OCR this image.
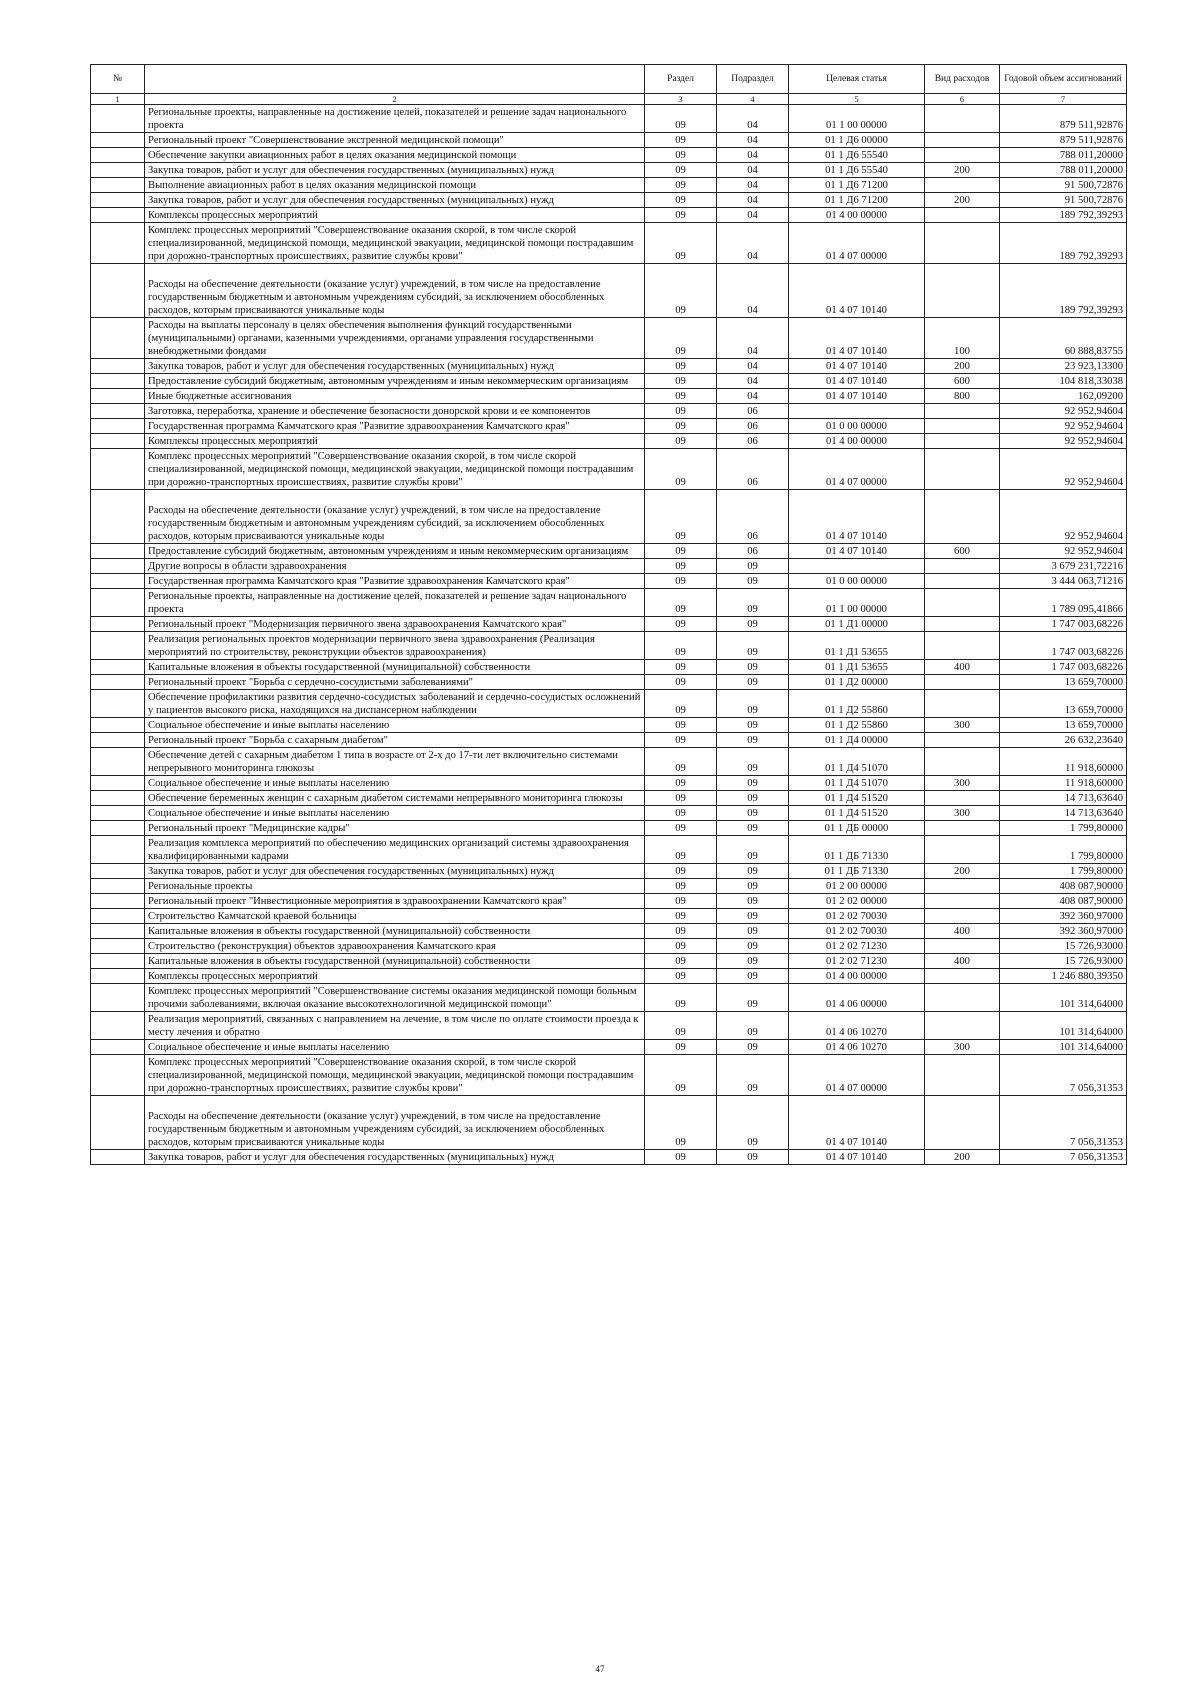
№		Раздел	Подраздел	Целевая статья	Вид расходов	Годовой объем ассигнований
1	2	3	4	5	6	7
	Региональные проекты, направленные на достижение целей, показателей и решение задач национального проекта	09	04	01 1 00 00000		879 511,92876
	Региональный проект "Совершенствование экстренной медицинской помощи"	09	04	01 1 Д6 00000		879 511,92876
	Обеспечение закупки авиационных работ в целях оказания медицинской помощи	09	04	01 1 Д6 55540		788 011,20000
	Закупка товаров, работ и услуг для обеспечения государственных (муниципальных) нужд	09	04	01 1 Д6 55540	200	788 011,20000
	Выполнение авиационных работ в целях оказания медицинской помощи	09	04	01 1 Д6 71200		91 500,72876
	Закупка товаров, работ и услуг для обеспечения государственных (муниципальных) нужд	09	04	01 1 Д6 71200	200	91 500,72876
	Комплексы процессных мероприятий	09	04	01 4 00 00000		189 792,39293
	Комплекс процессных мероприятий "Совершенствование оказания скорой, в том числе скорой специализированной, медицинской помощи, медицинской эвакуации, медицинской помощи пострадавшим при дорожно-транспортных происшествиях, развитие службы крови"	09	04	01 4 07 00000		189 792,39293
	Расходы на обеспечение деятельности (оказание услуг) учреждений, в том числе на предоставление государственным бюджетным и автономным учреждениям субсидий, за исключением обособленных расходов, которым присваиваются уникальные коды	09	04	01 4 07 10140		189 792,39293
	Расходы на выплаты персоналу в целях обеспечения выполнения функций государственными (муниципальными) органами, казенными учреждениями, органами управления государственными внебюджетными фондами	09	04	01 4 07 10140	100	60 888,83755
	Закупка товаров, работ и услуг для обеспечения государственных (муниципальных) нужд	09	04	01 4 07 10140	200	23 923,13300
	Предоставление субсидий бюджетным, автономным учреждениям и иным некоммерческим организациям	09	04	01 4 07 10140	600	104 818,33038
	Иные бюджетные ассигнования	09	04	01 4 07 10140	800	162,09200
	Заготовка, переработка, хранение и обеспечение безопасности донорской крови и ее компонентов	09	06			92 952,94604
	Государственная программа Камчатского края "Развитие здравоохранения Камчатского края"	09	06	01 0 00 00000		92 952,94604
	Комплексы процессных мероприятий	09	06	01 4 00 00000		92 952,94604
	Комплекс процессных мероприятий "Совершенствование оказания скорой, в том числе скорой специализированной, медицинской помощи, медицинской эвакуации, медицинской помощи пострадавшим при дорожно-транспортных происшествиях, развитие службы крови"	09	06	01 4 07 00000		92 952,94604
	Расходы на обеспечение деятельности (оказание услуг) учреждений, в том числе на предоставление государственным бюджетным и автономным учреждениям субсидий, за исключением обособленных расходов, которым присваиваются уникальные коды	09	06	01 4 07 10140		92 952,94604
	Предоставление субсидий бюджетным, автономным учреждениям и иным некоммерческим организациям	09	06	01 4 07 10140	600	92 952,94604
	Другие вопросы в области здравоохранения	09	09			3 679 231,72216
	Государственная программа Камчатского края "Развитие здравоохранения Камчатского края"	09	09	01 0 00 00000		3 444 063,71216
	Региональные проекты, направленные на достижение целей, показателей и решение задач национального проекта	09	09	01 1 00 00000		1 789 095,41866
	Региональный проект "Модернизация первичного звена здравоохранения Камчатского края"	09	09	01 1 Д1 00000		1 747 003,68226
	Реализация региональных проектов модернизации первичного звена здравоохранения (Реализация мероприятий по строительству, реконструкции объектов здравоохранения)	09	09	01 1 Д1 53655		1 747 003,68226
	Капитальные вложения в объекты государственной (муниципальной) собственности	09	09	01 1 Д1 53655	400	1 747 003,68226
	Региональный проект "Борьба с сердечно-сосудистыми заболеваниями"	09	09	01 1 Д2 00000		13 659,70000
	Обеспечение профилактики развития сердечно-сосудистых заболеваний и сердечно-сосудистых осложнений у пациентов высокого риска, находящихся на диспансерном наблюдении	09	09	01 1 Д2 55860		13 659,70000
	Социальное обеспечение и иные выплаты населению	09	09	01 1 Д2 55860	300	13 659,70000
	Региональный проект "Борьба с сахарным диабетом"	09	09	01 1 Д4 00000		26 632,23640
	Обеспечение детей с сахарным диабетом 1 типа в возрасте от 2-х до 17-ти лет включительно системами непрерывного мониторинга глюкозы	09	09	01 1 Д4 51070		11 918,60000
	Социальное обеспечение и иные выплаты населению	09	09	01 1 Д4 51070	300	11 918,60000
	Обеспечение беременных женщин с сахарным диабетом системами непрерывного мониторинга глюкозы	09	09	01 1 Д4 51520		14 713,63640
	Социальное обеспечение и иные выплаты населению	09	09	01 1 Д4 51520	300	14 713,63640
	Региональный проект "Медицинские кадры"	09	09	01 1 ДБ 00000		1 799,80000
	Реализация комплекса мероприятий по обеспечению медицинских организаций системы здравоохранения квалифицированными кадрами	09	09	01 1 ДБ 71330		1 799,80000
	Закупка товаров, работ и услуг для обеспечения государственных (муниципальных) нужд	09	09	01 1 ДБ 71330	200	1 799,80000
	Региональные проекты	09	09	01 2 00 00000		408 087,90000
	Региональный проект "Инвестиционные мероприятия в здравоохранении Камчатского края"	09	09	01 2 02 00000		408 087,90000
	Строительство Камчатской краевой больницы	09	09	01 2 02 70030		392 360,97000
	Капитальные вложения в объекты государственной (муниципальной) собственности	09	09	01 2 02 70030	400	392 360,97000
	Строительство (реконструкция) объектов здравоохранения Камчатского края	09	09	01 2 02 71230		15 726,93000
	Капитальные вложения в объекты государственной (муниципальной) собственности	09	09	01 2 02 71230	400	15 726,93000
	Комплексы процессных мероприятий	09	09	01 4 00 00000		1 246 880,39350
	Комплекс процессных мероприятий "Совершенствование системы оказания медицинской помощи больным прочими заболеваниями, включая оказание высокотехнологичной медицинской помощи"	09	09	01 4 06 00000		101 314,64000
	Реализация мероприятий, связанных с направлением на лечение, в том числе по оплате стоимости проезда к месту лечения и обратно	09	09	01 4 06 10270		101 314,64000
	Социальное обеспечение и иные выплаты населению	09	09	01 4 06 10270	300	101 314,64000
	Комплекс процессных мероприятий "Совершенствование оказания скорой, в том числе скорой специализированной, медицинской помощи, медицинской эвакуации, медицинской помощи пострадавшим при дорожно-транспортных происшествиях, развитие службы крови"	09	09	01 4 07 00000		7 056,31353
	Расходы на обеспечение деятельности (оказание услуг) учреждений, в том числе на предоставление государственным бюджетным и автономным учреждениям субсидий, за исключением обособленных расходов, которым присваиваются уникальные коды	09	09	01 4 07 10140		7 056,31353
	Закупка товаров, работ и услуг для обеспечения государственных (муниципальных) нужд	09	09	01 4 07 10140	200	7 056,31353
47
